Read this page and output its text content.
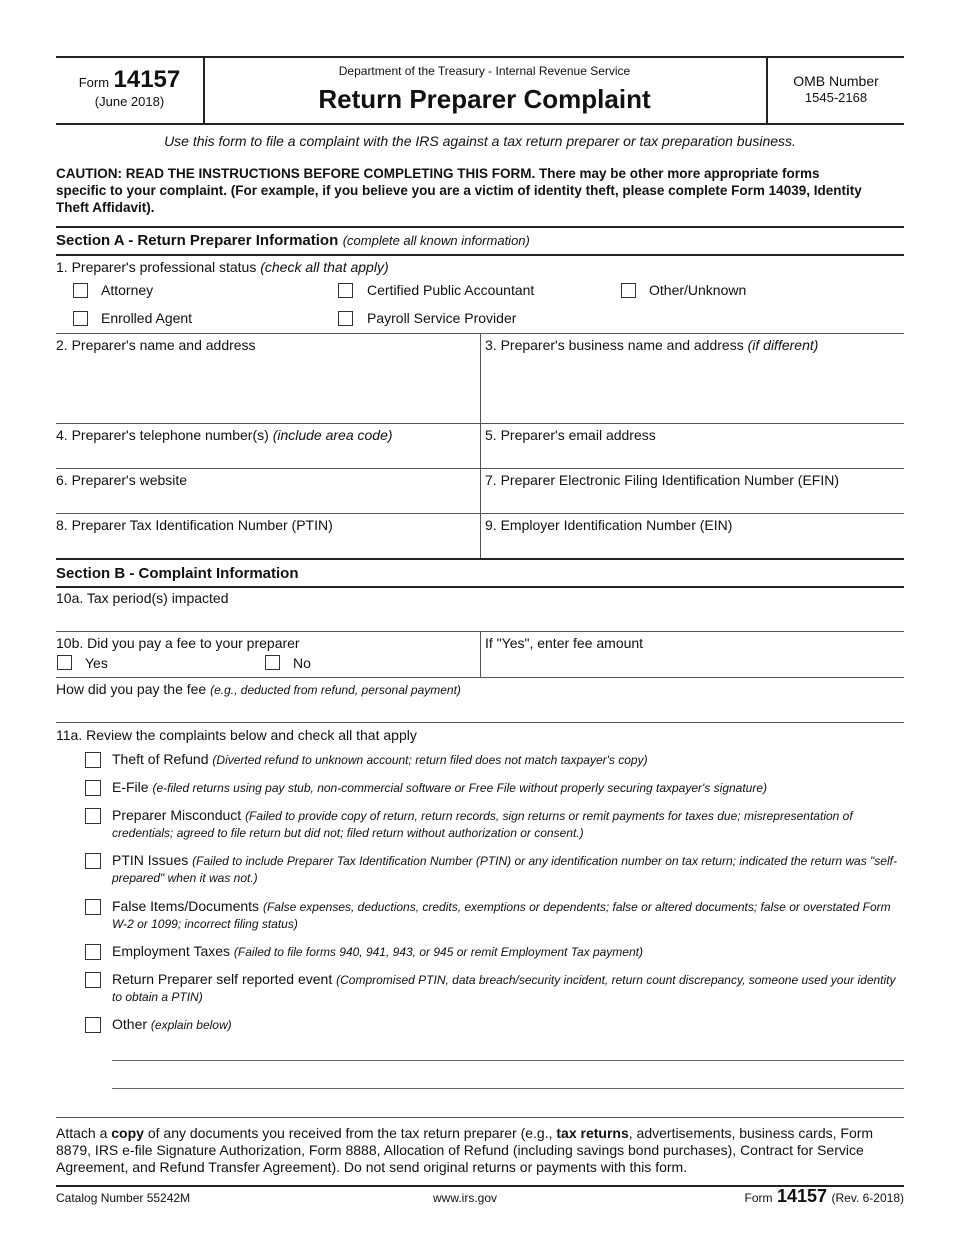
Form 14157
(June 2018)
Department of the Treasury - Internal Revenue Service
Return Preparer Complaint
OMB Number
1545-2168
Use this form to file a complaint with the IRS against a tax return preparer or tax preparation business.
CAUTION: READ THE INSTRUCTIONS BEFORE COMPLETING THIS FORM. There may be other more appropriate forms
specific to your complaint. (For example, if you believe you are a victim of identity theft, please complete Form 14039, Identity
Theft Affidavit).
Section A - Return Preparer Information (complete all known information)
1. Preparer's professional status (check all that apply)
Attorney	Certified Public Accountant	Other/Unknown
Enrolled Agent	Payroll Service Provider
2. Preparer's name and address	3. Preparer's business name and address (if different)
4. Preparer's telephone number(s) (include area code)	5. Preparer's email address
6. Preparer's website	7. Preparer Electronic Filing Identification Number (EFIN)
8. Preparer Tax Identification Number (PTIN)	9. Employer Identification Number (EIN)
Section B - Complaint Information
10a. Tax period(s) impacted
10b. Did you pay a fee to your preparer
Yes	No
If "Yes", enter fee amount
How did you pay the fee (e.g., deducted from refund, personal payment)
11a. Review the complaints below and check all that apply
Theft of Refund (Diverted refund to unknown account; return filed does not match taxpayer's copy)
E-File (e-filed returns using pay stub, non-commercial software or Free File without properly securing taxpayer's signature)
Preparer Misconduct (Failed to provide copy of return, return records, sign returns or remit payments for taxes due; misrepresentation of credentials; agreed to file return but did not; filed return without authorization or consent.)
PTIN Issues (Failed to include Preparer Tax Identification Number (PTIN) or any identification number on tax return; indicated the return was "self-prepared" when it was not.)
False Items/Documents (False expenses, deductions, credits, exemptions or dependents; false or altered documents; false or overstated Form W-2 or 1099; incorrect filing status)
Employment Taxes (Failed to file forms 940, 941, 943, or 945 or remit Employment Tax payment)
Return Preparer self reported event (Compromised PTIN, data breach/security incident, return count discrepancy, someone used your identity to obtain a PTIN)
Other (explain below)
Attach a copy of any documents you received from the tax return preparer (e.g., tax returns, advertisements, business cards, Form 8879, IRS e-file Signature Authorization, Form 8888, Allocation of Refund (including savings bond purchases), Contract for Service Agreement, and Refund Transfer Agreement). Do not send original returns or payments with this form.
Catalog Number 55242M	www.irs.gov	Form 14157 (Rev. 6-2018)
